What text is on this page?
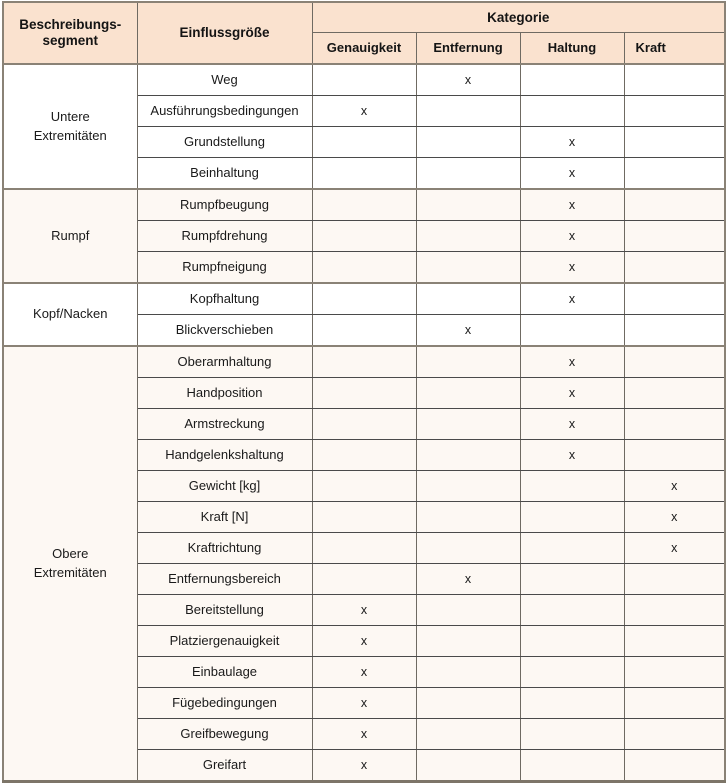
Beschreibungs-
segment	Einflussgröße	Kategorie			
		Genauigkeit	Entfernung	Haltung	Kraft
Untere
Extremitäten	Weg		x		
	Ausführungsbedingungen	x			
	Grundstellung			x	
	Beinhaltung			x	
Rumpf	Rumpfbeugung			x	
	Rumpfdrehung			x	
	Rumpfneigung			x	
Kopf/Nacken	Kopfhaltung			x	
	Blickverschieben		x		
Obere
Extremitäten	Oberarmhaltung			x	
	Handposition			x	
	Armstreckung			x	
	Handgelenkshaltung			x	
	Gewicht [kg]				x
	Kraft [N]				x
	Kraftrichtung				x
	Entfernungsbereich		x		
	Bereitstellung	x			
	Platziergenauigkeit	x			
	Einbaulage	x			
	Fügebedingungen	x			
	Greifbewegung	x			
	Greifart	x			
